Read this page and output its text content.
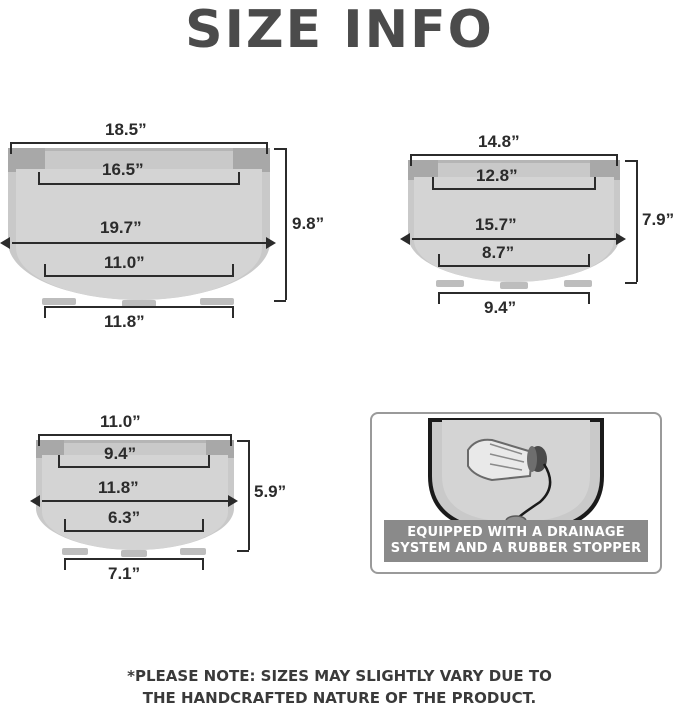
SIZE INFO
18.5”
16.5”
19.7”
11.0”
11.8”
9.8”
14.8”
12.8”
15.7”
8.7”
9.4”
7.9”
11.0”
9.4”
11.8”
6.3”
7.1”
5.9”
EQUIPPED WITH A DRAINAGE
SYSTEM AND A RUBBER STOPPER
*PLEASE NOTE: SIZES MAY SLIGHTLY VARY DUE TO
THE HANDCRAFTED NATURE OF THE PRODUCT.
